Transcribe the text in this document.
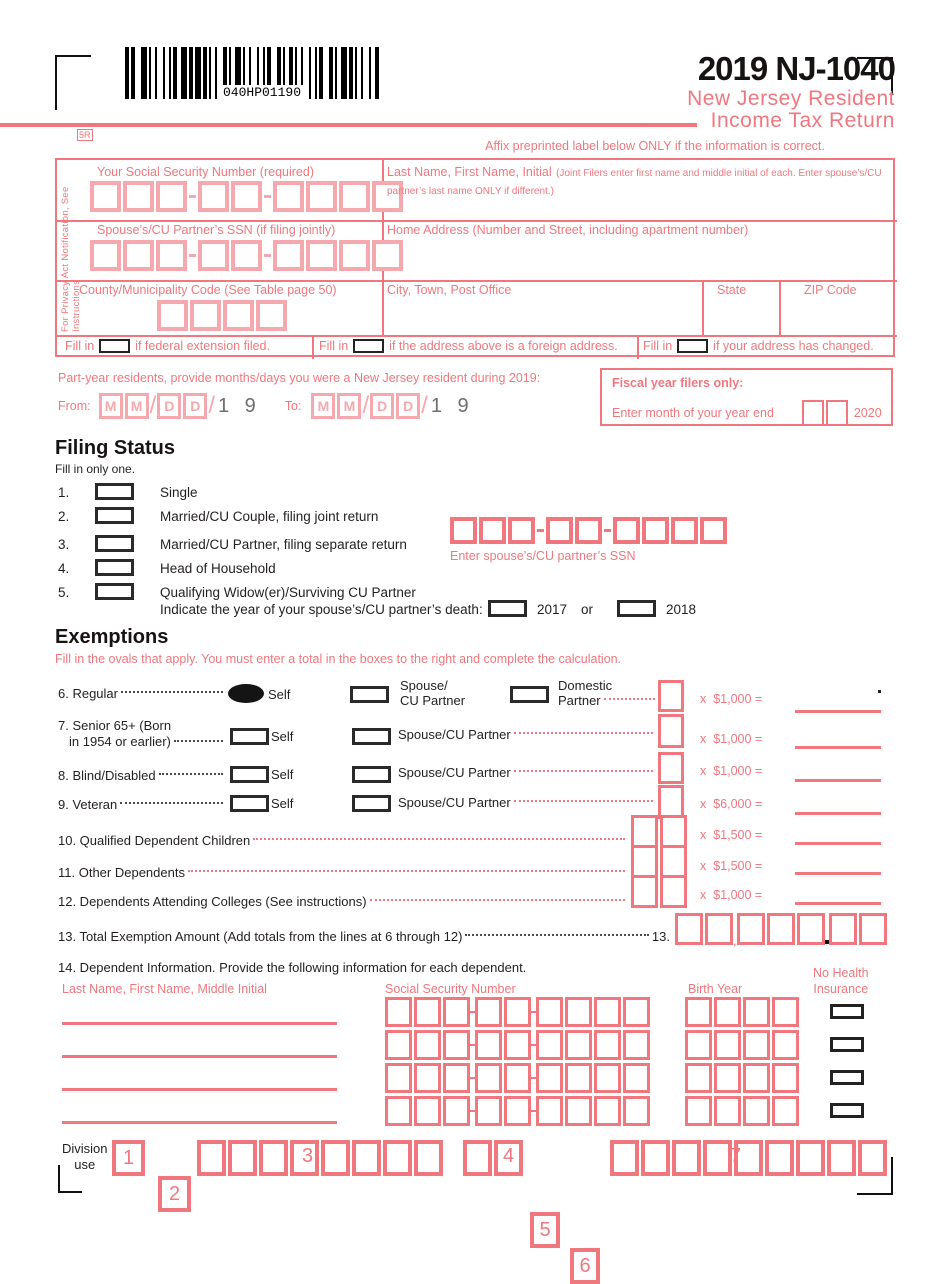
040HP01190
2019 NJ-1040
New Jersey Resident
Income Tax Return
5R
Affix preprinted label below ONLY if the information is correct.
For Privacy Act Notification, See Instructions
Your Social Security Number (required)
Spouse’s/CU Partner’s SSN (if filing jointly)
County/Municipality Code (See Table page 50)
Last Name, First Name, Initial (Joint Filers enter first name and middle initial of each. Enter spouse’s/CU partner’s last name ONLY if different.)
Home Address (Number and Street, including apartment number)
City, Town, Post Office	State	ZIP Code
Fill in	if federal extension filed.	Fill in	if the address above is a foreign address. Fill in	if your address has changed.
Part-year residents, provide months/days you were a New Jersey resident during 2019:
From:	M	M / D	D / 1 9 To:	M	M / D	D / 1 9
Fiscal year filers only:
Enter month of your year end	2020
Filing Status
Fill in only one.
1.	Single
2.	Married/CU Couple, filing joint return
3.	Married/CU Partner, filing separate return
4.	Head of Household
5.	Qualifying Widow(er)/Surviving CU Partner
Enter spouse’s/CU partner’s SSN
Indicate the year of your spouse’s/CU partner’s death:	2017 or	2018
Exemptions
Fill in the ovals that apply. You must enter a total in the boxes to the right and complete the calculation.
6. Regular	Self
Spouse/
CU Partner
Domestic
Partner	x  $1,000 =
7. Senior 65+ (Born
in 1954 or earlier)	Self	Spouse/CU Partner	x  $1,000 =
8. Blind/Disabled	Self	Spouse/CU Partner	x  $1,000 =
9. Veteran	Self	Spouse/CU Partner	x  $6,000 =
10. Qualified Dependent Children	x  $1,500 =
11. Other Dependents	x  $1,500 =
12. Dependents Attending Colleges (See instructions)	x  $1,000 =
13. Total Exemption Amount (Add totals from the lines at 6 through 12)	13.	,
14. Dependent Information. Provide the following information for each dependent.	No Health
Insurance
Last Name, First Name, Middle Initial	Social Security Number	Birth Year
Division
use	1
2
3	4
5
6
7
